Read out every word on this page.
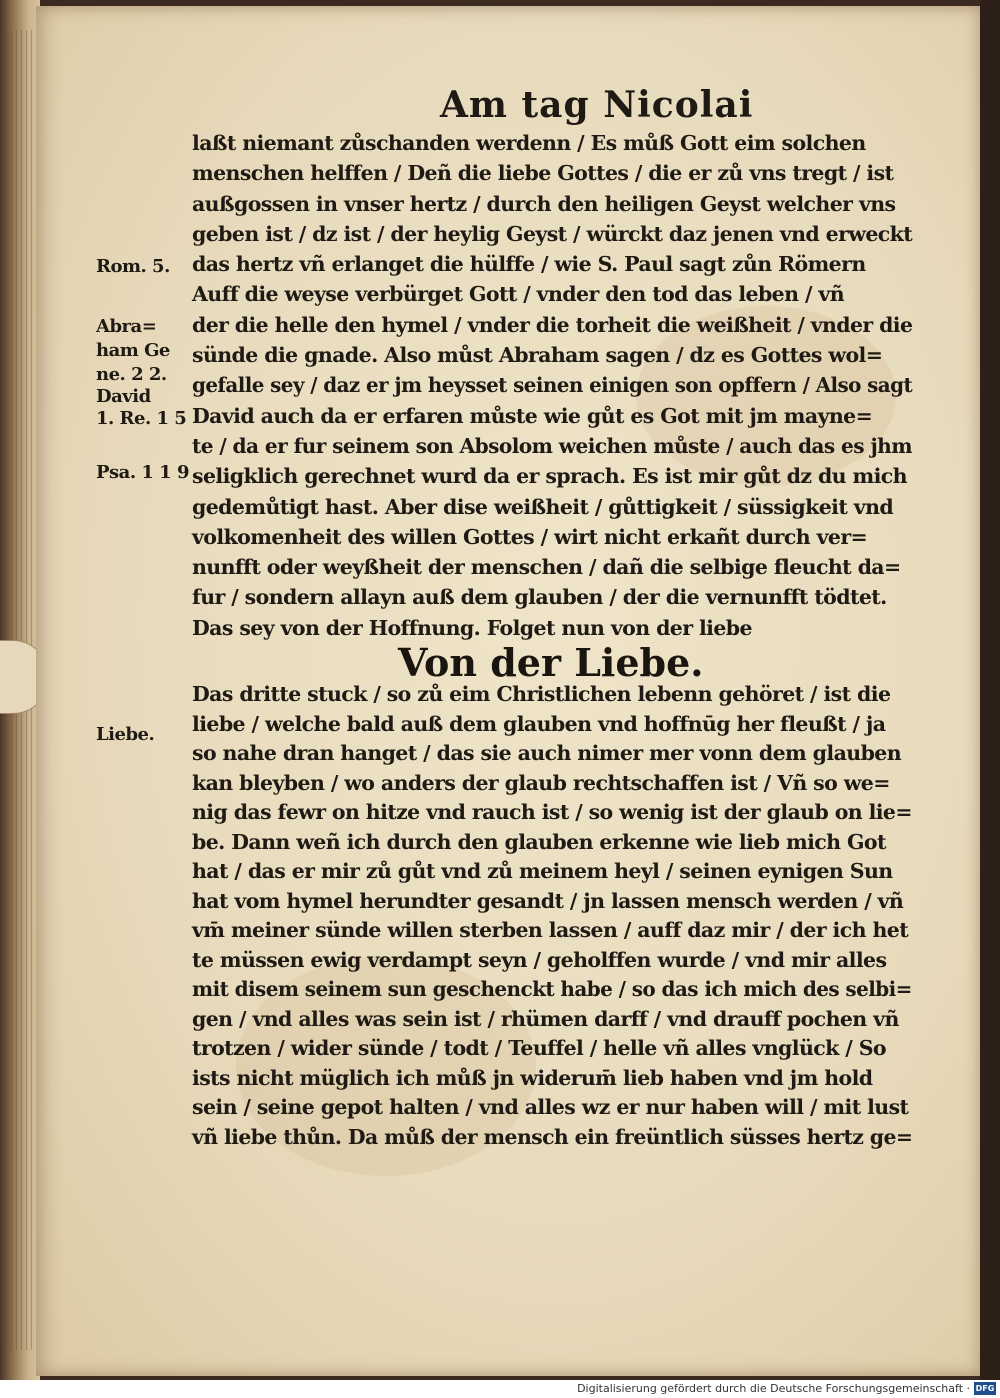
Am tag Nicolai
laßt niemant zůschanden werdenn / Es můß Gott eim solchen
menschen helffen / Deñ die liebe Gottes / die er zů vns tregt / ist
außgossen in vnser hertz / durch den heiligen Geyst welcher vns
geben ist / dz ist / der heylig Geyst / würckt daz jenen vnd erweckt
das hertz vñ erlanget die hülffe / wie S. Paul sagt zůn Römern
Auff die weyse verbürget Gott / vnder den tod das leben / vñ
der die helle den hymel / vnder die torheit die weißheit / vnder die
sünde die gnade. Also můst Abraham sagen / dz es Gottes wol=
gefalle sey / daz er jm heysset seinen einigen son opffern / Also sagt
David auch da er erfaren můste wie gůt es Got mit jm mayne=
te / da er fur seinem son Absolom weichen můste / auch das es jhm
seligklich gerechnet wurd da er sprach. Es ist mir gůt dz du mich
gedemůtigt hast. Aber dise weißheit / gůttigkeit / süssigkeit vnd
volkomenheit des willen Gottes / wirt nicht erkañt durch ver=
nunfft oder weyßheit der menschen / dañ die selbige fleucht da=
fur / sondern allayn auß dem glauben / der die vernunfft tödtet.
Das sey von der Hoffnung. Folget nun von der liebe
Von der Liebe.
Das dritte stuck / so zů eim Christlichen lebenn gehöret / ist die
liebe / welche bald auß dem glauben vnd hoffnūg her fleußt / ja
so nahe dran hanget / das sie auch nimer mer vonn dem glauben
kan bleyben / wo anders der glaub rechtschaffen ist / Vñ so we=
nig das fewr on hitze vnd rauch ist / so wenig ist der glaub on lie=
be. Dann weñ ich durch den glauben erkenne wie lieb mich Got
hat / das er mir zů gůt vnd zů meinem heyl / seinen eynigen Sun
hat vom hymel herundter gesandt / jn lassen mensch werden / vñ
vm̄ meiner sünde willen sterben lassen / auff daz mir / der ich het
te müssen ewig verdampt seyn / geholffen wurde / vnd mir alles
mit disem seinem sun geschenckt habe / so das ich mich des selbi=
gen / vnd alles was sein ist / rhümen darff / vnd drauff pochen vñ
trotzen / wider sünde / todt / Teuffel / helle vñ alles vnglück / So
ists nicht müglich ich můß jn widerum̄ lieb haben vnd jm hold
sein / seine gepot halten / vnd alles wz er nur haben will / mit lust
vñ liebe thůn. Da můß der mensch ein freüntlich süsses hertz ge=
Rom. 5.
Abra=
ham Ge
ne. 2 2.
David
1. Re. 1 5
Psa. 1 1 9
Liebe.
Digitalisierung gefördert durch die Deutsche Forschungsgemeinschaft · DFG
